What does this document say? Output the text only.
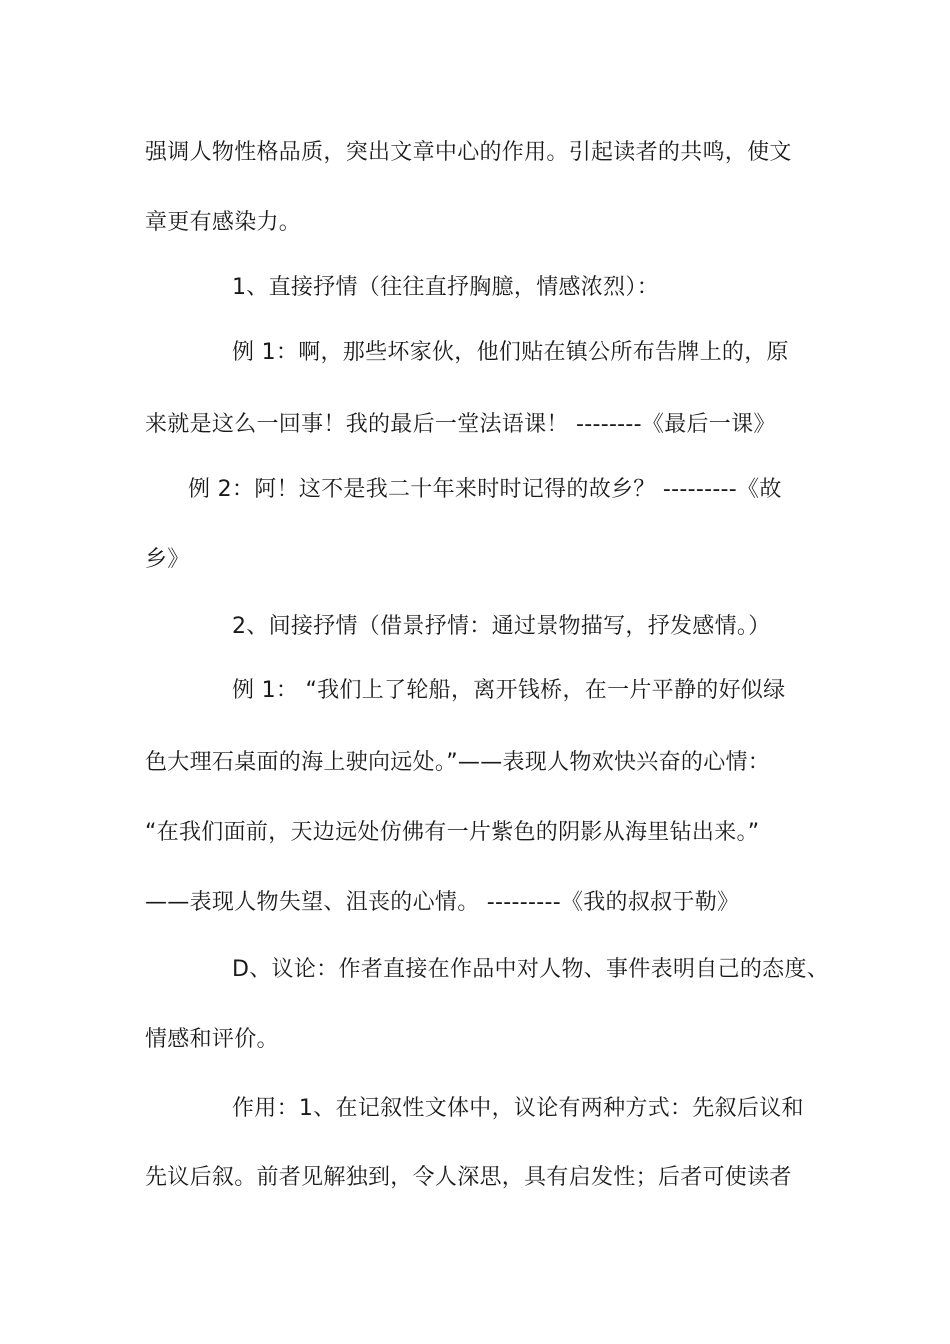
强调人物性格品质，突出文章中心的作用。引起读者的共鸣，使文
章更有感染力。
1、直接抒情（往往直抒胸臆，情感浓烈）：
例 1：啊，那些坏家伙，他们贴在镇公所布告牌上的，原
来就是这么一回事！我的最后一堂法语课！ --------《最后一课》
例 2：阿！这不是我二十年来时时记得的故乡？ ---------《故
乡》
2、间接抒情（借景抒情：通过景物描写，抒发感情。）
例 1： “我们上了轮船，离开钱桥，在一片平静的好似绿
色大理石桌面的海上驶向远处。”——表现人物欢快兴奋的心情：
“在我们面前，天边远处仿佛有一片紫色的阴影从海里钻出来。”
——表现人物失望、沮丧的心情。 ---------《我的叔叔于勒》
D、议论：作者直接在作品中对人物、事件表明自己的态度、
情感和评价。
作用：1、在记叙性文体中，议论有两种方式：先叙后议和
先议后叙。前者见解独到，令人深思，具有启发性；后者可使读者
